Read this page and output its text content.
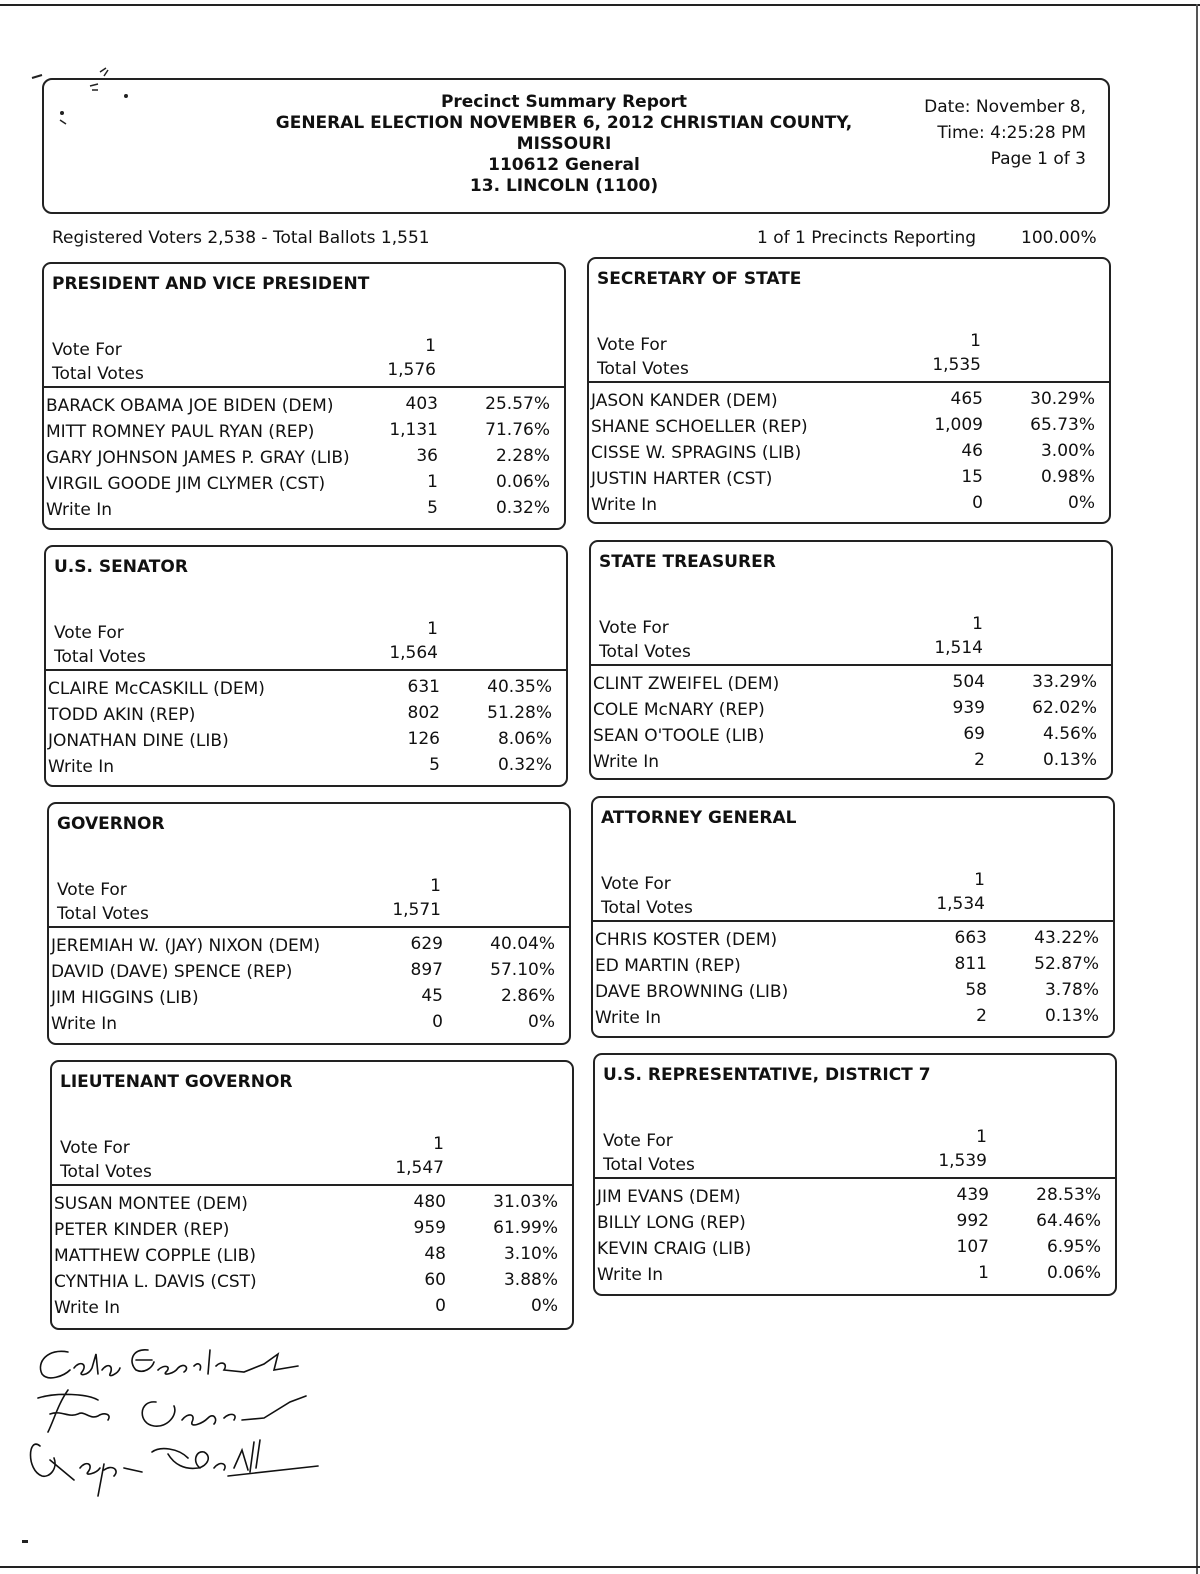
Precinct Summary Report
GENERAL ELECTION NOVEMBER 6, 2012 CHRISTIAN COUNTY,
MISSOURI
110612 General
13. LINCOLN (1100)
Date: November 8,
Time: 4:25:28 PM
Page 1 of 3
Registered Voters 2,538 - Total Ballots 1,551	1 of 1 Precincts Reporting	100.00%
PRESIDENT AND VICE PRESIDENT
Vote For	1
Total Votes	1,576
BARACK OBAMA JOE BIDEN (DEM)	403	25.57%
MITT ROMNEY PAUL RYAN (REP)	1,131	71.76%
GARY JOHNSON JAMES P. GRAY (LIB)	36	2.28%
VIRGIL GOODE JIM CLYMER (CST)	1	0.06%
Write In	5	0.32%
SECRETARY OF STATE
Vote For	1
Total Votes	1,535
JASON KANDER (DEM)	465	30.29%
SHANE SCHOELLER (REP)	1,009	65.73%
CISSE W. SPRAGINS (LIB)	46	3.00%
JUSTIN HARTER (CST)	15	0.98%
Write In	0	0%
U.S. SENATOR
Vote For	1
Total Votes	1,564
CLAIRE McCASKILL (DEM)	631	40.35%
TODD AKIN (REP)	802	51.28%
JONATHAN DINE (LIB)	126	8.06%
Write In	5	0.32%
STATE TREASURER
Vote For	1
Total Votes	1,514
CLINT ZWEIFEL (DEM)	504	33.29%
COLE McNARY (REP)	939	62.02%
SEAN O'TOOLE (LIB)	69	4.56%
Write In	2	0.13%
GOVERNOR
Vote For	1
Total Votes	1,571
JEREMIAH W. (JAY) NIXON (DEM)	629	40.04%
DAVID (DAVE) SPENCE (REP)	897	57.10%
JIM HIGGINS (LIB)	45	2.86%
Write In	0	0%
ATTORNEY GENERAL
Vote For	1
Total Votes	1,534
CHRIS KOSTER (DEM)	663	43.22%
ED MARTIN (REP)	811	52.87%
DAVE BROWNING (LIB)	58	3.78%
Write In	2	0.13%
LIEUTENANT GOVERNOR
Vote For	1
Total Votes	1,547
SUSAN MONTEE (DEM)	480	31.03%
PETER KINDER (REP)	959	61.99%
MATTHEW COPPLE (LIB)	48	3.10%
CYNTHIA L. DAVIS (CST)	60	3.88%
Write In	0	0%
U.S. REPRESENTATIVE, DISTRICT 7
Vote For	1
Total Votes	1,539
JIM EVANS (DEM)	439	28.53%
BILLY LONG (REP)	992	64.46%
KEVIN CRAIG (LIB)	107	6.95%
Write In	1	0.06%
